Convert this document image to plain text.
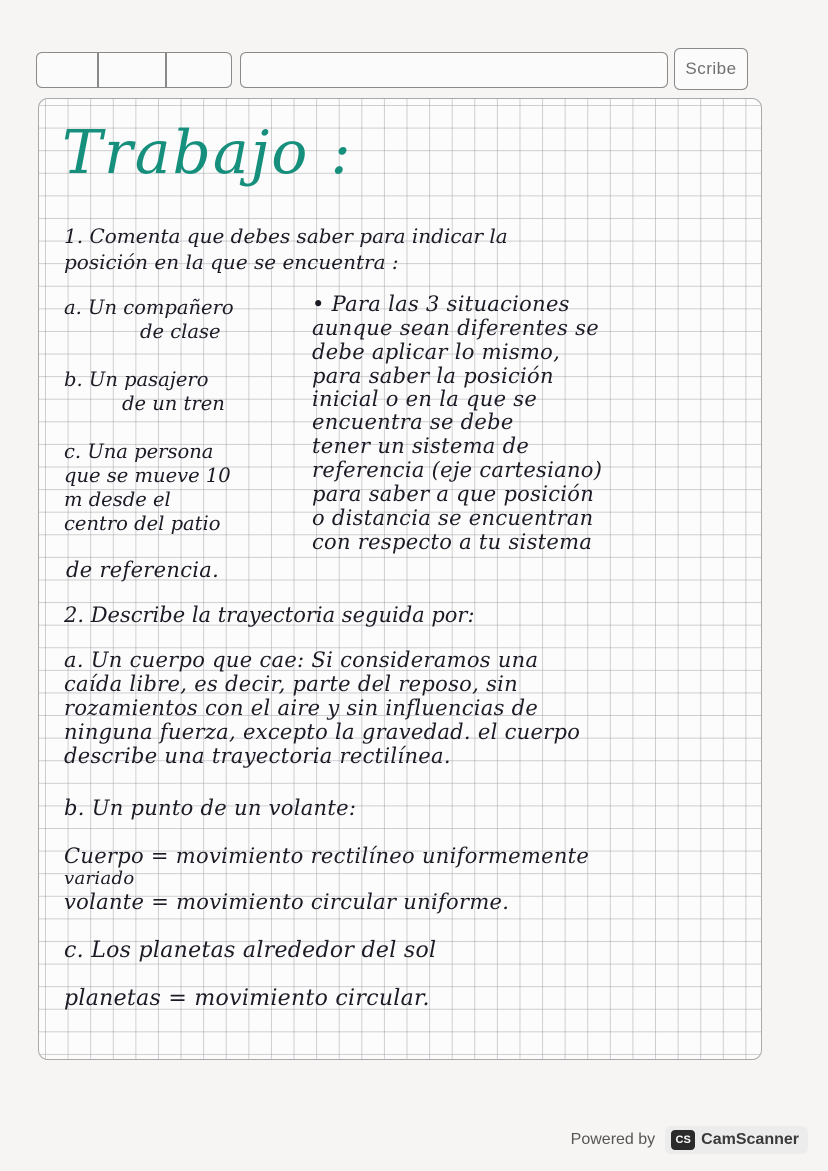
Scribe
Trabajo :
1. Comenta que debes saber para indicar la
posición en la que se encuentra :
a. Un compañero
de clase
b. Un pasajero
de un tren
c. Una persona
que se mueve 10
m desde el
centro del patio
• Para las 3 situaciones
aunque sean diferentes se
debe aplicar lo mismo,
para saber la posición
inicial o en la que se
encuentra se debe
tener un sistema de
referencia (eje cartesiano)
para saber a que posición
o distancia se encuentran
con respecto a tu sistema
de referencia.
2. Describe la trayectoria seguida por:
a. Un cuerpo que cae: Si consideramos una
caída libre, es decir, parte del reposo, sin
rozamientos con el aire y sin influencias de
ninguna fuerza, excepto la gravedad. el cuerpo
describe una trayectoria rectilínea.
b. Un punto de un volante:
Cuerpo = movimiento rectilíneo uniformemente
variado
volante = movimiento circular uniforme.
c. Los planetas alrededor del sol
planetas = movimiento circular.
Powered by	CS CamScanner
